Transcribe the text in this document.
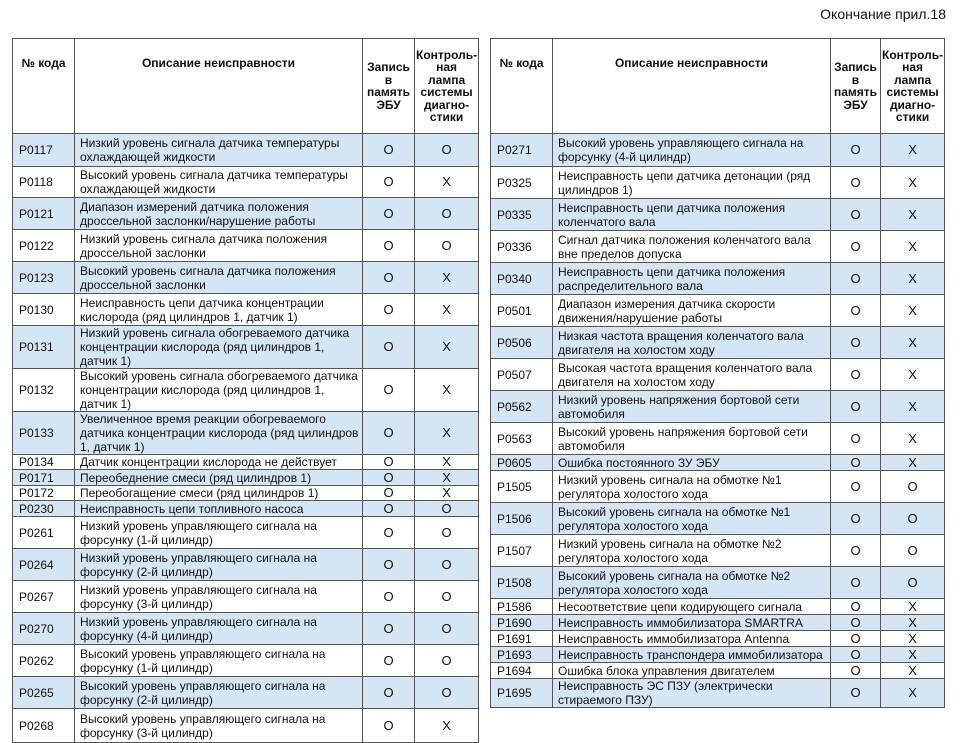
Окончание прил.18
№ кода	Описание неисправности	Запись в память ЭБУ	Контроль-ная лампа системы диагно-стики
P0117	Низкий уровень сигнала датчика температуры охлаждающей жидкости	O	O
P0118	Высокий уровень сигнала датчика температуры охлаждающей жидкости	O	X
P0121	Диапазон измерений датчика положения дроссельной заслонки/нарушение работы	O	O
P0122	Низкий уровень сигнала датчика положения дроссельной заслонки	O	O
P0123	Высокий уровень сигнала датчика положения дроссельной заслонки	O	X
P0130	Неисправность цепи датчика концентрации кислорода (ряд цилиндров 1, датчик 1)	O	X
P0131	Низкий уровень сигнала обогреваемого датчика концентрации кислорода (ряд цилиндров 1, датчик 1)	O	X
P0132	Высокий уровень сигнала обогреваемого датчика концентрации кислорода (ряд цилиндров 1, датчик 1)	O	X
P0133	Увеличенное время реакции обогреваемого датчика концентрации кислорода (ряд цилиндров 1, датчик 1)	O	X
P0134	Датчик концентрации кислорода не действует	O	X
P0171	Переобеднение смеси (ряд цилиндров 1)	O	X
P0172	Переобогащение смеси (ряд цилиндров 1)	O	X
P0230	Неисправность цепи топливного насоса	O	O
P0261	Низкий уровень управляющего сигнала на форсунку (1-й цилиндр)	O	O
P0264	Низкий уровень управляющего сигнала на форсунку (2-й цилиндр)	O	O
P0267	Низкий уровень управляющего сигнала на форсунку (3-й цилиндр)	O	O
P0270	Низкий уровень управляющего сигнала на форсунку (4-й цилиндр)	O	O
P0262	Высокий уровень управляющего сигнала на форсунку (1-й цилиндр)	O	O
P0265	Высокий уровень управляющего сигнала на форсунку (2-й цилиндр)	O	O
P0268	Высокий уровень управляющего сигнала на форсунку (3-й цилиндр)	O	X
№ кода	Описание неисправности	Запись в память ЭБУ	Контроль-ная лампа системы диагно-стики
P0271	Высокий уровень управляющего сигнала на форсунку (4-й цилиндр)	O	X
P0325	Неисправность цепи датчика детонации (ряд цилиндров 1)	O	X
P0335	Неисправность цепи датчика положения коленчатого вала	O	X
P0336	Сигнал датчика положения коленчатого вала вне пределов допуска	O	X
P0340	Неисправность цепи датчика положения распределительного вала	O	X
P0501	Диапазон измерения датчика скорости движения/нарушение работы	O	X
P0506	Низкая частота вращения коленчатого вала двигателя на холостом ходу	O	X
P0507	Высокая частота вращения коленчатого вала двигателя на холостом ходу	O	X
P0562	Низкий уровень напряжения бортовой сети автомобиля	O	X
P0563	Высокий уровень напряжения бортовой сети автомобиля	O	X
P0605	Ошибка постоянного ЗУ ЭБУ	O	X
P1505	Низкий уровень сигнала на обмотке №1 регулятора холостого хода	O	O
P1506	Высокий уровень сигнала на обмотке №1 регулятора холостого хода	O	O
P1507	Низкий уровень сигнала на обмотке №2 регулятора холостого хода	O	O
P1508	Высокий уровень сигнала на обмотке №2 регулятора холостого хода	O	O
P1586	Несоответствие цепи кодирующего сигнала	O	X
P1690	Неисправность иммобилизатора SMARTRA	O	X
P1691	Неисправность иммобилизатора Antenna	O	X
P1693	Неисправность транспондера иммобилизатора	O	X
P1694	Ошибка блока управления двигателем	O	X
P1695	Неисправность ЭС ПЗУ (электрически стираемого ПЗУ)	O	X
